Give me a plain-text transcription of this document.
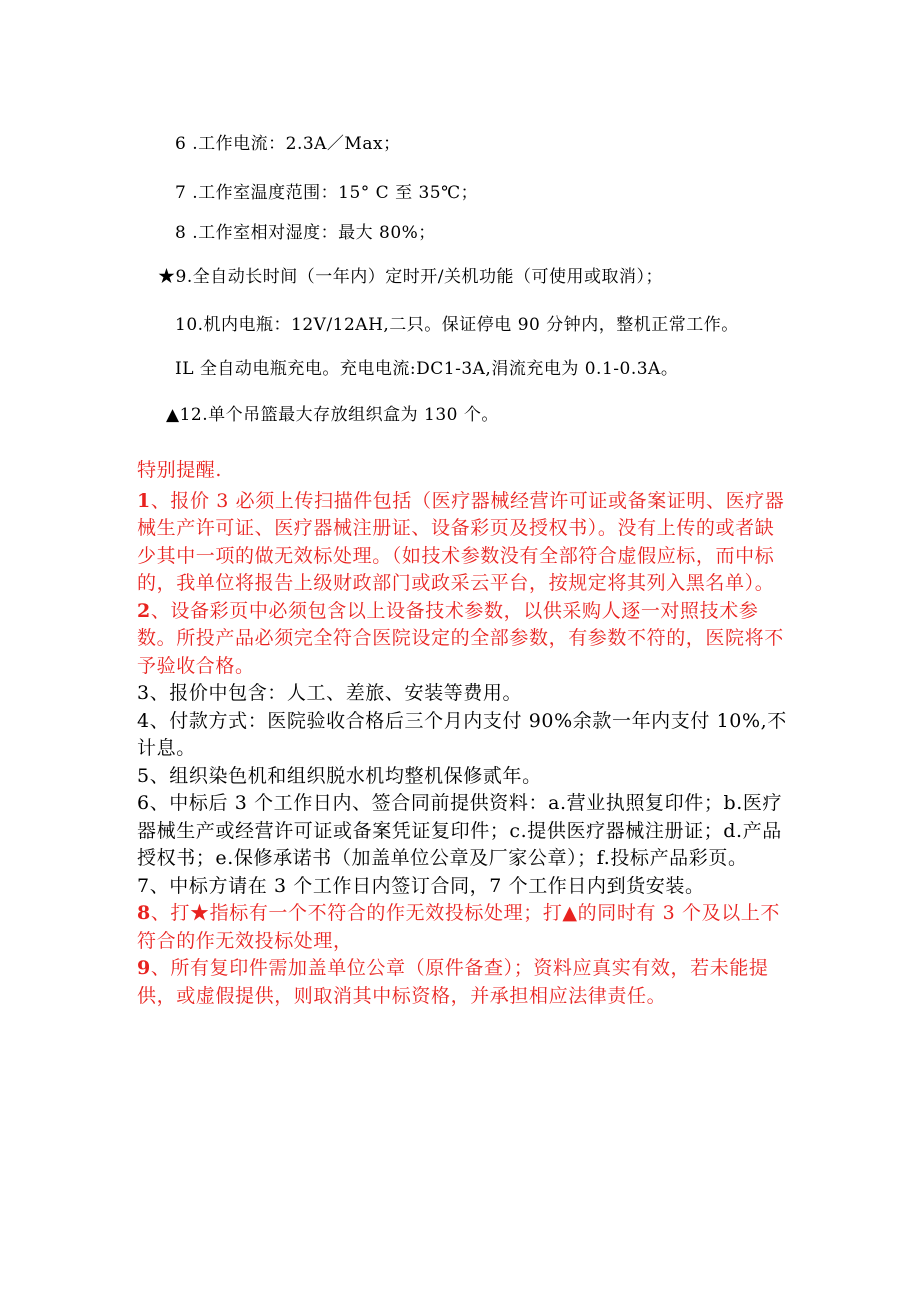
6 .工作电流：2.3A／Max；
7 .工作室温度范围：15° C 至 35℃；
8 .工作室相对湿度：最大 80%；
★9.全自动长时间（一年内）定时开/关机功能（可使用或取消）；
10.机内电瓶：12V/12AH,二只。保证停电 90 分钟内，整机正常工作。
IL 全自动电瓶充电。充电电流:DC1-3A,涓流充电为 0.1-0.3A。
▲12.单个吊篮最大存放组织盒为 130 个。

特别提醒.

1、报价 3 必须上传扫描件包括（医疗器械经营许可证或备案证明、医疗器械生产许可证、医疗器械注册证、设备彩页及授权书）。没有上传的或者缺少其中一项的做无效标处理。（如技术参数没有全部符合虚假应标，而中标的，我单位将报告上级财政部门或政采云平台，按规定将其列入黑名单）。

2、设备彩页中必须包含以上设备技术参数，以供采购人逐一对照技术参数。所投产品必须完全符合医院设定的全部参数，有参数不符的，医院将不予验收合格。

3、报价中包含：人工、差旅、安装等费用。

4、付款方式：医院验收合格后三个月内支付 90%余款一年内支付 10%,不计息。

5、组织染色机和组织脱水机均整机保修贰年。

6、中标后 3 个工作日内、签合同前提供资料：a.营业执照复印件；b.医疗器械生产或经营许可证或备案凭证复印件；c.提供医疗器械注册证；d.产品授权书；e.保修承诺书（加盖单位公章及厂家公章）；f.投标产品彩页。

7、中标方请在 3 个工作日内签订合同，7 个工作日内到货安装。

8、打★指标有一个不符合的作无效投标处理；打▲的同时有 3 个及以上不符合的作无效投标处理，

9、所有复印件需加盖单位公章（原件备查）；资料应真实有效，若未能提供，或虚假提供，则取消其中标资格，并承担相应法律责任。
